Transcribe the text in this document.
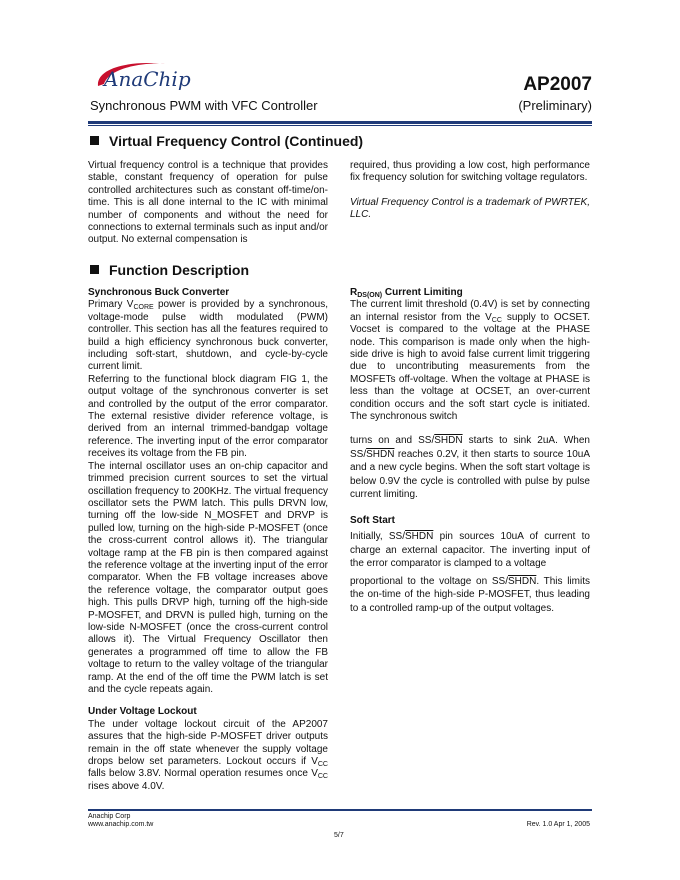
AnaChip	AP2007
Synchronous PWM with VFC Controller	(Preliminary)
Virtual Frequency Control (Continued)

Virtual frequency control is a technique that provides stable, constant frequency of operation for pulse controlled architectures such as constant off-time/on-time. This is all done internal to the IC with minimal number of components and without the need for connections to external terminals such as input and/or output. No external compensation is

required, thus providing a low cost, high performance fix frequency solution for switching voltage regulators.

Virtual Frequency Control is a trademark of PWRTEK, LLC.

Function Description

Synchronous Buck Converter

Primary $V_{CORE}$ power is provided by a synchronous, voltage-mode pulse width modulated (PWM) controller. This section has all the features required to build a high efficiency synchronous buck converter, including soft-start, shutdown, and cycle-by-cycle current limit.

Referring to the functional block diagram FIG 1, the output voltage of the synchronous converter is set and controlled by the output of the error comparator. The external resistive divider reference voltage, is derived from an internal trimmed-bandgap voltage reference. The inverting input of the error comparator receives its voltage from the FB pin.

The internal oscillator uses an on-chip capacitor and trimmed precision current sources to set the virtual oscillation frequency to 200KHz. The virtual frequency oscillator sets the PWM latch. This pulls DRVN low, turning off the low-side N_MOSFET and DRVP is pulled low, turning on the high-side P-MOSFET (once the cross-current control allows it). The triangular voltage ramp at the FB pin is then compared against the reference voltage at the inverting input of the error comparator. When the FB voltage increases above the reference voltage, the comparator output goes high. This pulls DRVP high, turning off the high-side P-MOSFET, and DRVN is pulled high, turning on the low-side N-MOSFET (once the cross-current control allows it). The Virtual Frequency Oscillator then generates a programmed off time to allow the FB voltage to return to the valley voltage of the triangular ramp. At the end of the off time the PWM latch is set and the cycle repeats again.

Under Voltage Lockout

The under voltage lockout circuit of the AP2007 assures that the high-side P-MOSFET driver outputs remain in the off state whenever the supply voltage drops below set parameters. Lockout occurs if $V_{CC}$ falls below 3.8V. Normal operation resumes once $V_{CC}$ rises above 4.0V.

$R_{DS(ON)}$ Current Limiting

The current limit threshold (0.4V) is set by connecting an internal resistor from the $V_{CC}$ supply to OCSET. Vocset is compared to the voltage at the PHASE node. This comparison is made only when the high-side drive is high to avoid false current limit triggering due to uncontributing measurements from the MOSFETs off-voltage. When the voltage at PHASE is less than the voltage at OCSET, an over-current condition occurs and the soft start cycle is initiated. The synchronous switch

turns on and SS/SHDN starts to sink 2uA. When SS/SHDN reaches 0.2V, it then starts to source 10uA and a new cycle begins. When the soft start voltage is below 0.9V the cycle is controlled with pulse by pulse current limiting.

Soft Start

Initially, SS/SHDN pin sources 10uA of current to charge an external capacitor. The inverting input of the error comparator is clamped to a voltage

proportional to the voltage on SS/SHDN. This limits the on-time of the high-side P-MOSFET, thus leading to a controlled ramp-up of the output voltages.

Anachip Corp
www.anachip.com.tw	Rev. 1.0 Apr 1, 2005
5/7
